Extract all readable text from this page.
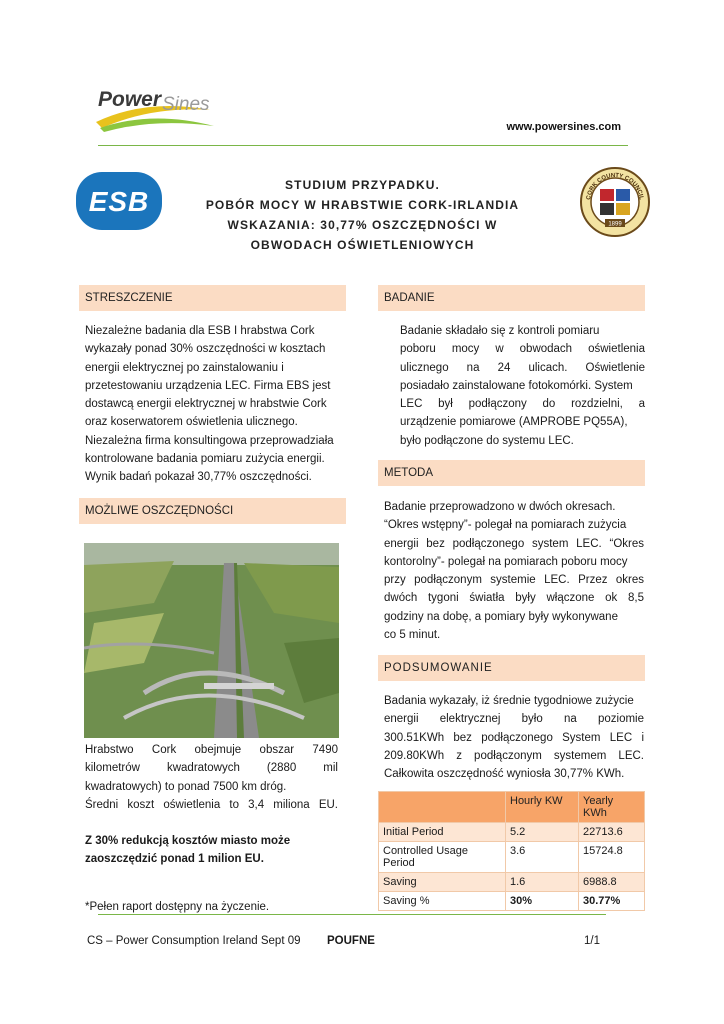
Power Sines
www.powersines.com
ESB
STUDIUM PRZYPADKU.
POBÓR MOCY W HRABSTWIE CORK-IRLANDIA
WSKAZANIA: 30,77% OSZCZĘDNOŚCI W
OBWODACH OŚWIETLENIOWYCH
CORK COUNTY COUNCIL
1899
STRESZCZENIE
Niezależne badania dla ESB I hrabstwa Cork
wykazały ponad 30% oszczędności w kosztach
energii elektrycznej po zainstalowaniu i
przetestowaniu urządzenia LEC. Firma EBS jest
dostawcą energii elektrycznej w hrabstwie Cork
oraz koserwatorem oświetlenia ulicznego.
Niezależna firma konsultingowa przeprowadziała
kontrolowane badania pomiaru zużycia energii.
Wynik badań pokazał 30,77% oszczędności.
MOŻLIWE OSZCZĘDNOŚCI
Hrabstwo Cork obejmuje obszar 7490
kilometrów kwadratowych (2880 mil
kwadratowych) to ponad 7500 km dróg.
Średni koszt oświetlenia to 3,4 miliona EU.
Z 30% redukcją kosztów miasto może
zaoszczędzić ponad 1 milion EU.
*Pełen raport dostępny na życzenie.
BADANIE
Badanie składało się z kontroli pomiaru
poboru mocy w obwodach oświetlenia
ulicznego na 24 ulicach. Oświetlenie
posiadało zainstalowane fotokomórki. System
LEC był podłączony do rozdzielni, a
urządzenie pomiarowe (AMPROBE PQ55A),
było podłączone do systemu LEC.
METODA
Badanie przeprowadzono w dwóch okresach.
“Okres wstępny”- polegał na pomiarach zużycia
energii bez podłączonego system LEC. “Okres
kontorolny”- polegał na pomiarach poboru mocy
przy podłączonym systemie LEC. Przez okres
dwóch tygoni światła były włączone ok 8,5
godziny na dobę, a pomiary były wykonywane
co 5 minut.
PODSUMOWANIE
Badania wykazały, iż średnie tygodniowe zużycie
energii elektrycznej było na poziomie
300.51KWh bez podłączonego System LEC i
209.80KWh z podłączonym systemem LEC.
Całkowita oszczędność wyniosła 30,77% KWh.
	Hourly KW	Yearly KWh
Initial Period	5.2	22713.6
Controlled Usage Period	3.6	15724.8
Saving	1.6	6988.8
Saving %	30%	30.77%
CS – Power Consumption Ireland Sept 09 POUFNE	1/1
